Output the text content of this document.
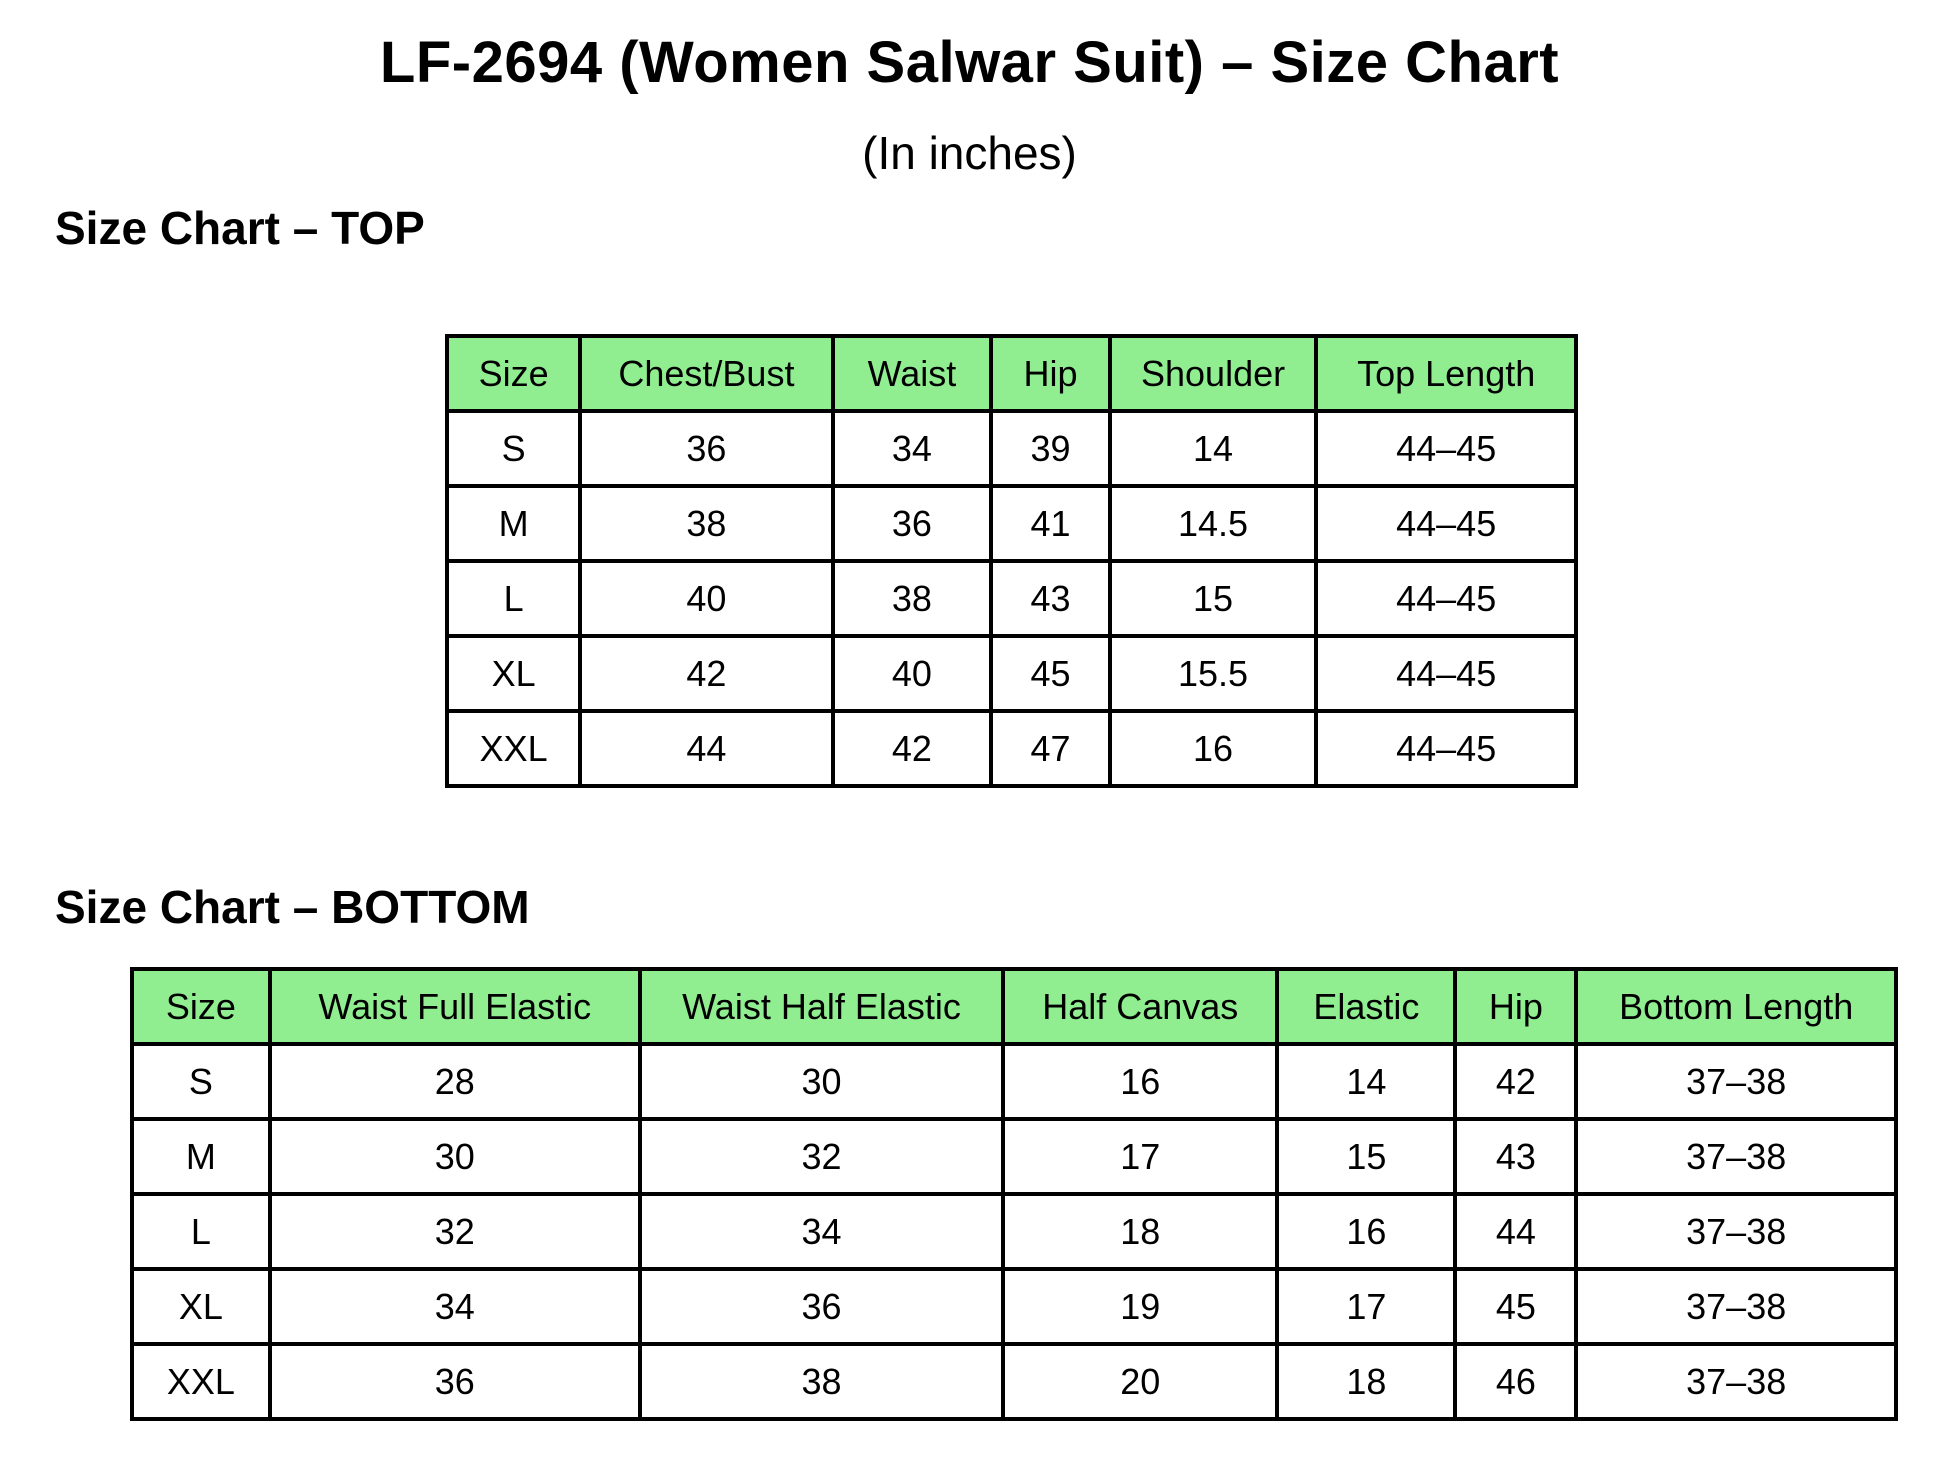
LF-2694 (Women Salwar Suit) – Size Chart
(In inches)
Size Chart – TOP
Size	Chest/Bust	Waist	Hip	Shoulder	Top Length
S	36	34	39	14	44–45
M	38	36	41	14.5	44–45
L	40	38	43	15	44–45
XL	42	40	45	15.5	44–45
XXL	44	42	47	16	44–45
Size Chart – BOTTOM
Size	Waist Full Elastic	Waist Half Elastic	Half Canvas	Elastic	Hip	Bottom Length
S	28	30	16	14	42	37–38
M	30	32	17	15	43	37–38
L	32	34	18	16	44	37–38
XL	34	36	19	17	45	37–38
XXL	36	38	20	18	46	37–38
